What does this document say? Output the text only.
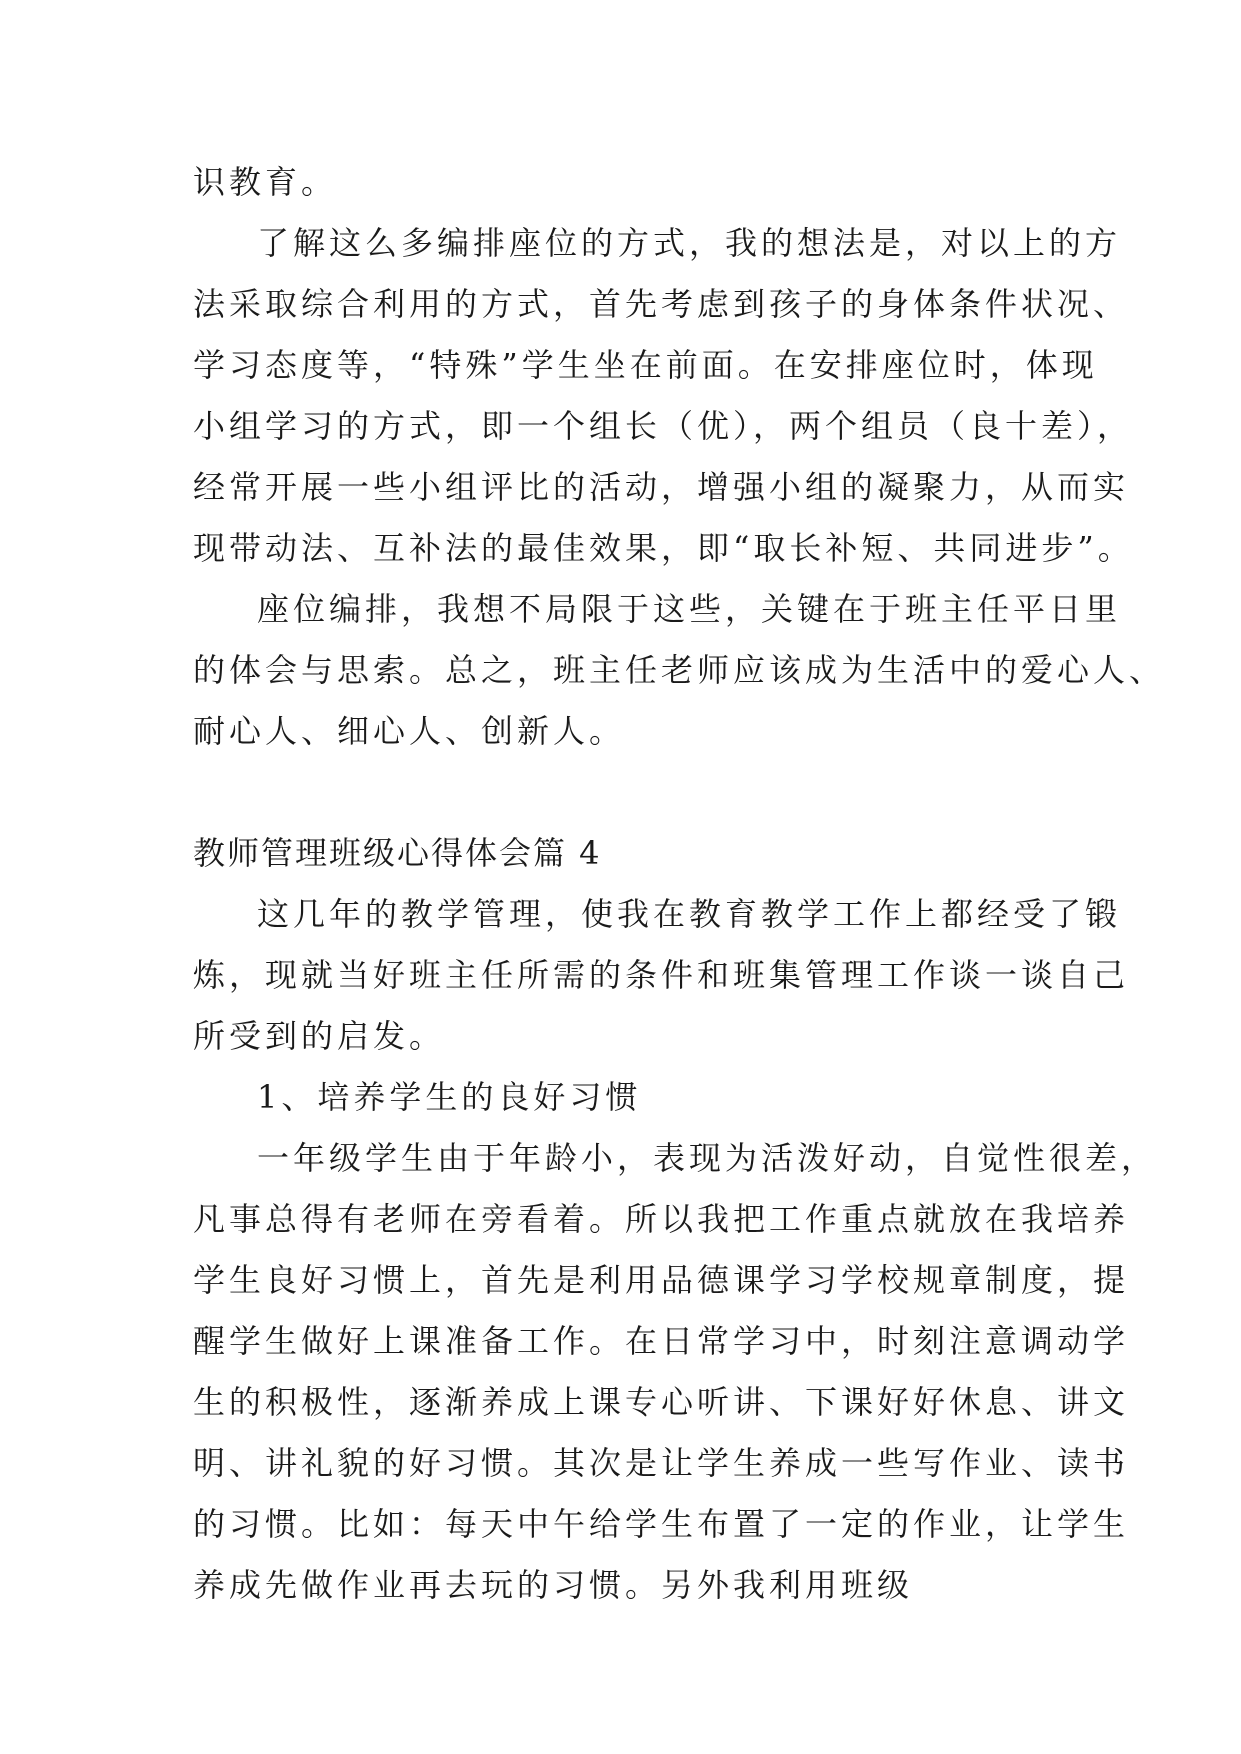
识教育。
了解这么多编排座位的方式，我的想法是，对以上的方
法采取综合利用的方式，首先考虑到孩子的身体条件状况、
学习态度等，“特殊”学生坐在前面。在安排座位时，体现
小组学习的方式，即一个组长（优），两个组员（良十差），
经常开展一些小组评比的活动，增强小组的凝聚力，从而实
现带动法、互补法的最佳效果，即“取长补短、共同进步”。
座位编排，我想不局限于这些，关键在于班主任平日里
的体会与思索。总之，班主任老师应该成为生活中的爱心人、
耐心人、细心人、创新人。
教师管理班级心得体会篇 4
这几年的教学管理，使我在教育教学工作上都经受了锻
炼，现就当好班主任所需的条件和班集管理工作谈一谈自己
所受到的启发。
1、培养学生的良好习惯
一年级学生由于年龄小，表现为活泼好动，自觉性很差，
凡事总得有老师在旁看着。所以我把工作重点就放在我培养
学生良好习惯上，首先是利用品德课学习学校规章制度，提
醒学生做好上课准备工作。在日常学习中，时刻注意调动学
生的积极性，逐渐养成上课专心听讲、下课好好休息、讲文
明、讲礼貌的好习惯。其次是让学生养成一些写作业、读书
的习惯。比如：每天中午给学生布置了一定的作业，让学生
养成先做作业再去玩的习惯。另外我利用班级
